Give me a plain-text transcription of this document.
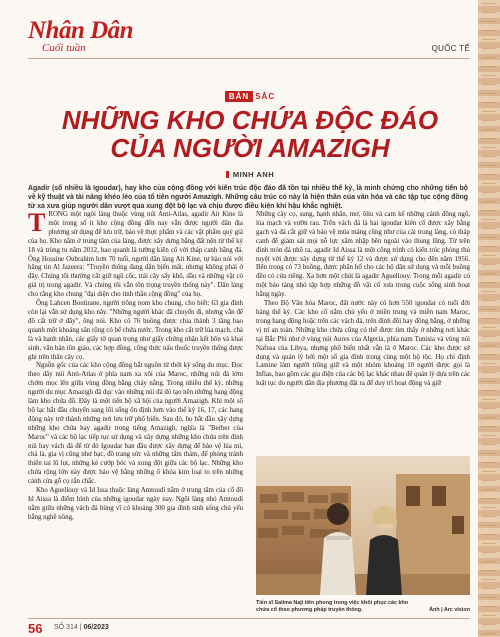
Nhân Dân
Cuối tuần	QUỐC TẾ
BẢN SẮC
NHỮNG KHO CHỨA ĐỘC ĐÁO
CỦA NGƯỜI AMAZIGH
MINH ANH
Agadir (số nhiều là Igoudar), hay kho của cộng đồng với kiến trúc độc đáo đã tồn tại nhiều thế kỷ, là minh chứng cho những tiến bộ về kỹ thuật và tài năng khéo léo của tổ tiên người Amazigh. Những câu trúc có này là hiện thân của văn hóa và các tập tục cộng đồng từ xa xưa giúp người dân vượt qua xung đột bộ lạc và chịu được điều kiện khí hậu khắc nghiệt.

TRONG một ngôi làng thuộc vùng núi Anti-Atlas, agadir Ait Kine là một trong số ít kho cộng đồng đến nay vẫn được người dân địa phương sử dụng để lưu trữ, bảo vệ thực phẩm và các vật phẩm quý giá của họ. Kho nằm ở trung tâm của làng, được xây dựng bằng đất nện từ thế kỷ 18 và trùng tu năm 2012, bao quanh là tường kiên cố với tháp canh bằng đá. Ông Hossine Oubrahim hơn 70 tuổi, người dân làng Ait Kine, tự hào nói với hãng tin Al Jazeera: "Truyền thống đang dần biến mất, nhưng không phải ở đây. Chúng tôi thường cất giữ ngũ cốc, trái cây sấy khô, dầu và những vật có giá trị trong agadir. Và chúng tôi vẫn tôn trọng truyền thống này". Dân làng cho rằng kho chung "đại diện cho tinh thần cộng đồng" của họ.

Ông Lahcen Boutirane, người trông nom kho chung, cho biết: 63 gia đình còn lại vẫn sử dụng kho này. "Những người khác đã chuyển đi, nhưng vẫn để đồ cất trữ ở đây", ông nói. Kho có 76 buồng được chia thành 3 tầng bao quanh một khoảng sân rộng có bể chứa nước. Trong kho cất trữ lúa mạch, chà là và hạnh nhân, các giấy tờ quan trọng như giấy chứng nhận kết hôn và khai sinh, văn bản tôn giáo, các hợp đồng, công thức nấu thuốc truyền thống được ghi trên thân cây cọ.

Nguồn gốc của các kho cộng đồng bắt nguồn từ thời kỳ sống du mục. Đọc theo dãy núi Anti-Atlas ở phía nam xa xôi của Maroc, những núi đá lởm chởm mọc lên giữa vùng đồng bằng cháy nắng. Trong nhiều thế kỷ, những người du mục Amazigh đã dục vào những núi đá đó tạo nên những hang động làm kho chứa đồ. Đây là một tiến bộ xã hội của người Amazigh. Khi một số bộ lạc bắt đầu chuyển sang lối sống ổn định hơn vào thế kỷ 16, 17, các hang động này trở thành những nơi lưu trữ phổ biến. Sau đó, họ bắt đầu xây dựng những kho chứa hay agadir trong tiếng Amazigh, nghĩa là "Berber của Maroc" và các bộ lạc tiếp tục sử dụng và xây dựng những kho chứa trên đỉnh núi hay vách đá để từ đó Igoudar ban đầu được xây dựng để bảo vệ lúa mì, chà là, gia vị cũng như bạc, đồ trang sức và những tấm thảm, để phòng tránh thiên tai lũ lụt, những kẻ cướp bóc và xung đột giữa các bộ lạc. Những kho chứa rộng lớn này được bảo vệ bằng những ổ khóa kim loại to trên những cánh cửa gỗ cọ rắn chắc.

Kho Aguellouy và Id Issa thuộc làng Amtoudi nằm ở trung tâm của cố đô Id Aissa là điểm hình của những igoudar ngày nay. Ngôi làng nhỏ Amtoudi nằm giữa những vách đá hùng vĩ có khoảng 300 gia đình sinh sống chủ yếu bằng nghề nông,

Những cây cọ, sung, hạnh nhân, mơ, ôliu và cam kế những cánh đồng ngô, lúa mạch và vườn rau. Trên vách đá là hai igoudar kiên cố được xây bằng gạch và đá cắt giữ và bảo vệ mùa màng cũng như của cải trong làng, có tháp canh để giám sát mọi nỗ lực xâm nhập bên ngoài vào thung lũng. Từ trên đỉnh mòn đá nhô ra, agadir Id Aissa là một công trình có kiến trúc phòng thủ tuyệt vời được xây dựng từ thế kỷ 12 và được sử dụng cho đến năm 1956. Bên trong có 73 buồng, được phân bổ cho các hộ dân sử dụng và mỗi buồng đều có cửa riêng. Xa hơn một chút là agadir Aguellouy. Trong mỗi agadir có một bảo tàng nhỏ tập hợp những đồ vật cổ xưa trong cuộc sống sinh hoạt hằng ngày.

Theo Bộ Văn hóa Maroc, đất nước này có hơn 550 igoudar có tuổi đời hàng thế kỷ. Các kho cổ nằm chủ yếu ở miền trung và miền nam Maroc, trong hang động hoặc trên các vách đá, trên đỉnh đồi hay đồng bằng, ở những vị trí an toàn. Những kho chứa cũng có thể được tìm thấy ở những nơi khác tại Bắc Phi như ở vùng núi Aures của Algeria, phía nam Tunisia và vùng núi Nafusa của Libya, nhưng phổ biến nhất vẫn là ở Maroc. Các kho được sử dụng và quản lý bởi một số gia đình trong cùng một bộ tộc. Họ chỉ định Lamine làm người trông giữ và một nhóm khoảng 10 người được gọi là Inflas, bao gồm các gia điện của các bộ lạc khác nhau để quản lý dựa trên các luật tục do người dân địa phương đặt ra để duy trì hoạt động và giữ

Tiến sĩ Salima Naji tiên phong trong việc khôi phục các kho chứa cổ theo phương pháp truyền thống.	Ảnh | Arc vision
56 SỐ 314 | 06/2023
